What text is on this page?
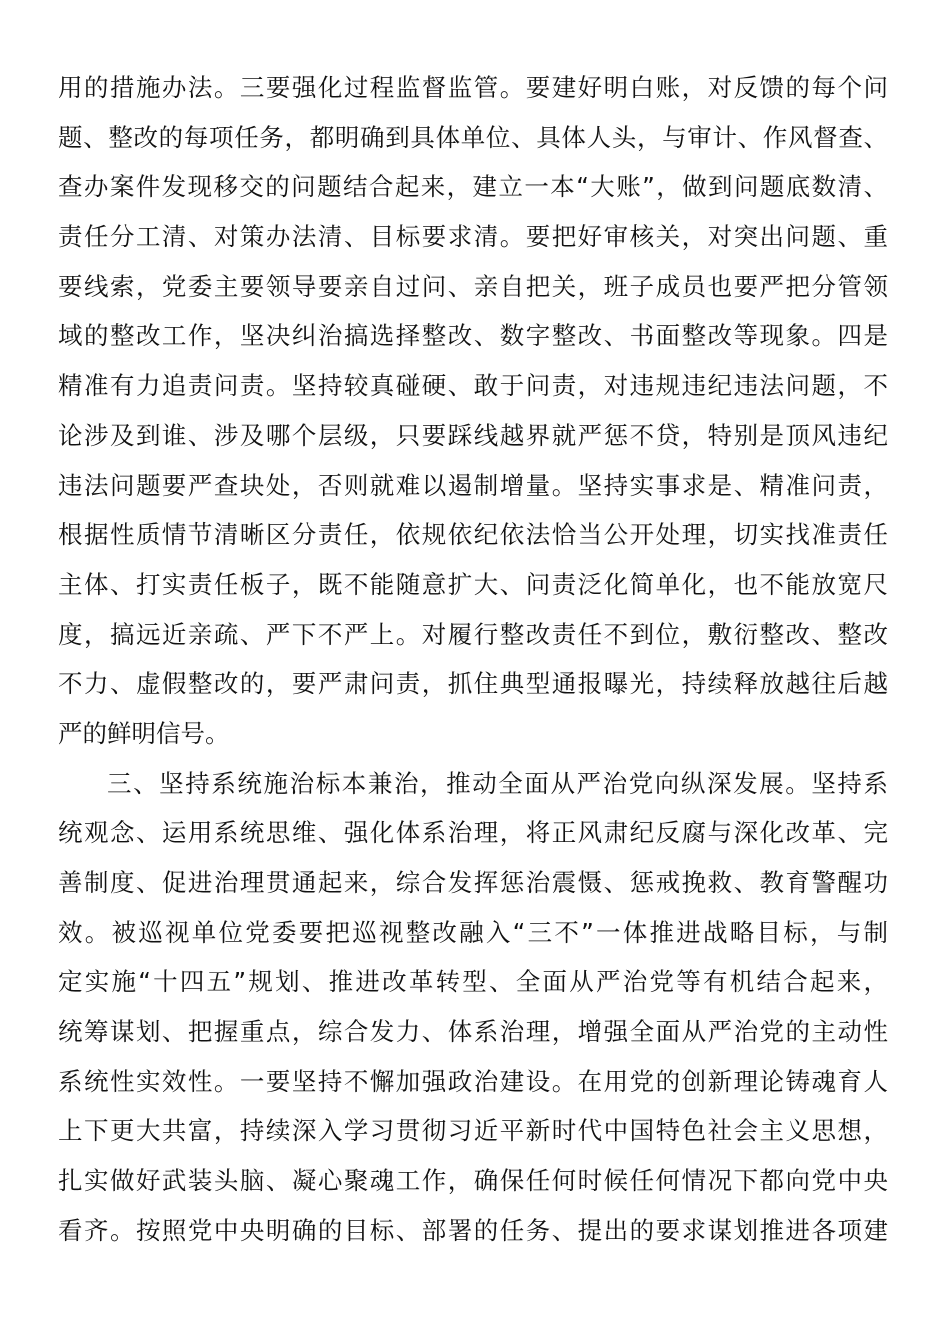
用的措施办法。三要强化过程监督监管。要建好明白账，对反馈的每个问
题、整改的每项任务，都明确到具体单位、具体人头，与审计、作风督查、
查办案件发现移交的问题结合起来，建立一本“大账”，做到问题底数清、
责任分工清、对策办法清、目标要求清。要把好审核关，对突出问题、重
要线索，党委主要领导要亲自过问、亲自把关，班子成员也要严把分管领
域的整改工作，坚决纠治搞选择整改、数字整改、书面整改等现象。四是
精准有力追责问责。坚持较真碰硬、敢于问责，对违规违纪违法问题，不
论涉及到谁、涉及哪个层级，只要踩线越界就严惩不贷，特别是顶风违纪
违法问题要严查块处，否则就难以遏制增量。坚持实事求是、精准问责，
根据性质情节清晰区分责任，依规依纪依法恰当公开处理，切实找准责任
主体、打实责任板子，既不能随意扩大、问责泛化简单化，也不能放宽尺
度，搞远近亲疏、严下不严上。对履行整改责任不到位，敷衍整改、整改
不力、虚假整改的，要严肃问责，抓住典型通报曝光，持续释放越往后越
严的鲜明信号。
三、坚持系统施治标本兼治，推动全面从严治党向纵深发展。坚持系
统观念、运用系统思维、强化体系治理，将正风肃纪反腐与深化改革、完
善制度、促进治理贯通起来，综合发挥惩治震慑、惩戒挽救、教育警醒功
效。被巡视单位党委要把巡视整改融入“三不”一体推进战略目标，与制
定实施“十四五”规划、推进改革转型、全面从严治党等有机结合起来，
统筹谋划、把握重点，综合发力、体系治理，增强全面从严治党的主动性
系统性实效性。一要坚持不懈加强政治建设。在用党的创新理论铸魂育人
上下更大共富，持续深入学习贯彻习近平新时代中国特色社会主义思想，
扎实做好武装头脑、凝心聚魂工作，确保任何时候任何情况下都向党中央
看齐。按照党中央明确的目标、部署的任务、提出的要求谋划推进各项建
